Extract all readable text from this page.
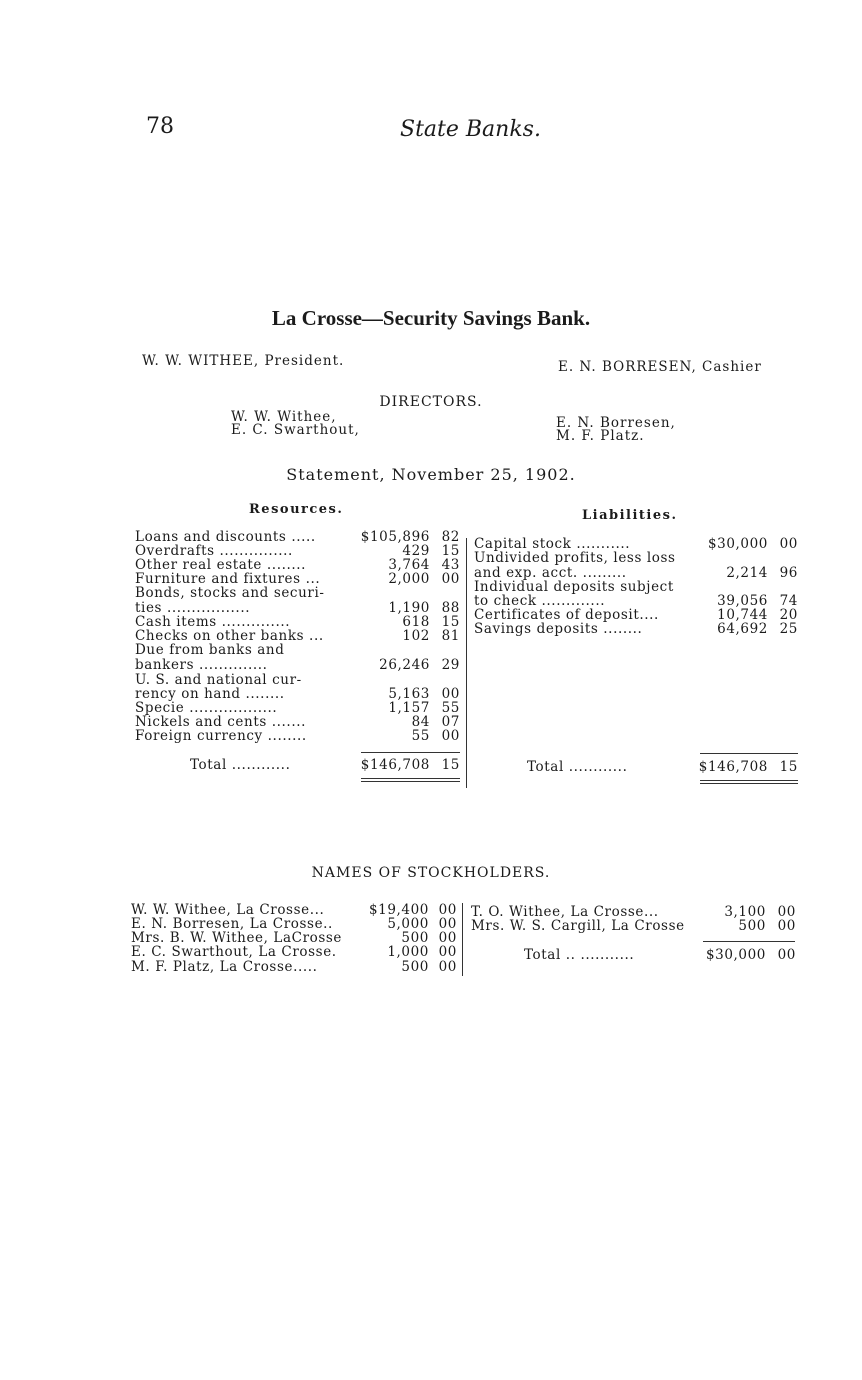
78	State Banks.
La Crosse—Security Savings Bank.
W. W. WITHEE, President.	E. N. BORRESEN, Cashier
DIRECTORS.
W. W. Withee,
E. C. Swarthout,	E. N. Borresen,
M. F. Platz.
Statement, November 25, 1902.
Resources.	Liabilities.
Loans and discounts .....	$105,896 82
Overdrafts ...............	429 15
Other real estate ........	3,764 43
Furniture and fixtures ...	2,000 00
Bonds, stocks and securi-
ties .................	1,190 88
Cash items ..............	618 15
Checks on other banks ...	102 81
Due from banks and
bankers ..............	26,246 29
U. S. and national cur-
rency on hand ........	5,163 00
Specie ..................	1,157 55
Nickels and cents .......	84 07
Foreign currency ........	55 00
Total ............	$146,708 15
Capital stock ...........	$30,000 00
Undivided profits, less loss
and exp. acct. .........	2,214 96
Individual deposits subject
to check .............	39,056 74
Certificates of deposit....	10,744 20
Savings deposits ........	64,692 25
Total ............	$146,708 15
NAMES OF STOCKHOLDERS.
W. W. Withee, La Crosse...	$19,400 00
E. N. Borresen, La Crosse..	5,000 00
Mrs. B. W. Withee, LaCrosse	500 00
E. C. Swarthout, La Crosse.	1,000 00
M. F. Platz, La Crosse.....	500 00
T. O. Withee, La Crosse...	3,100 00
Mrs. W. S. Cargill, La Crosse	500 00
Total .. ...........	$30,000 00
